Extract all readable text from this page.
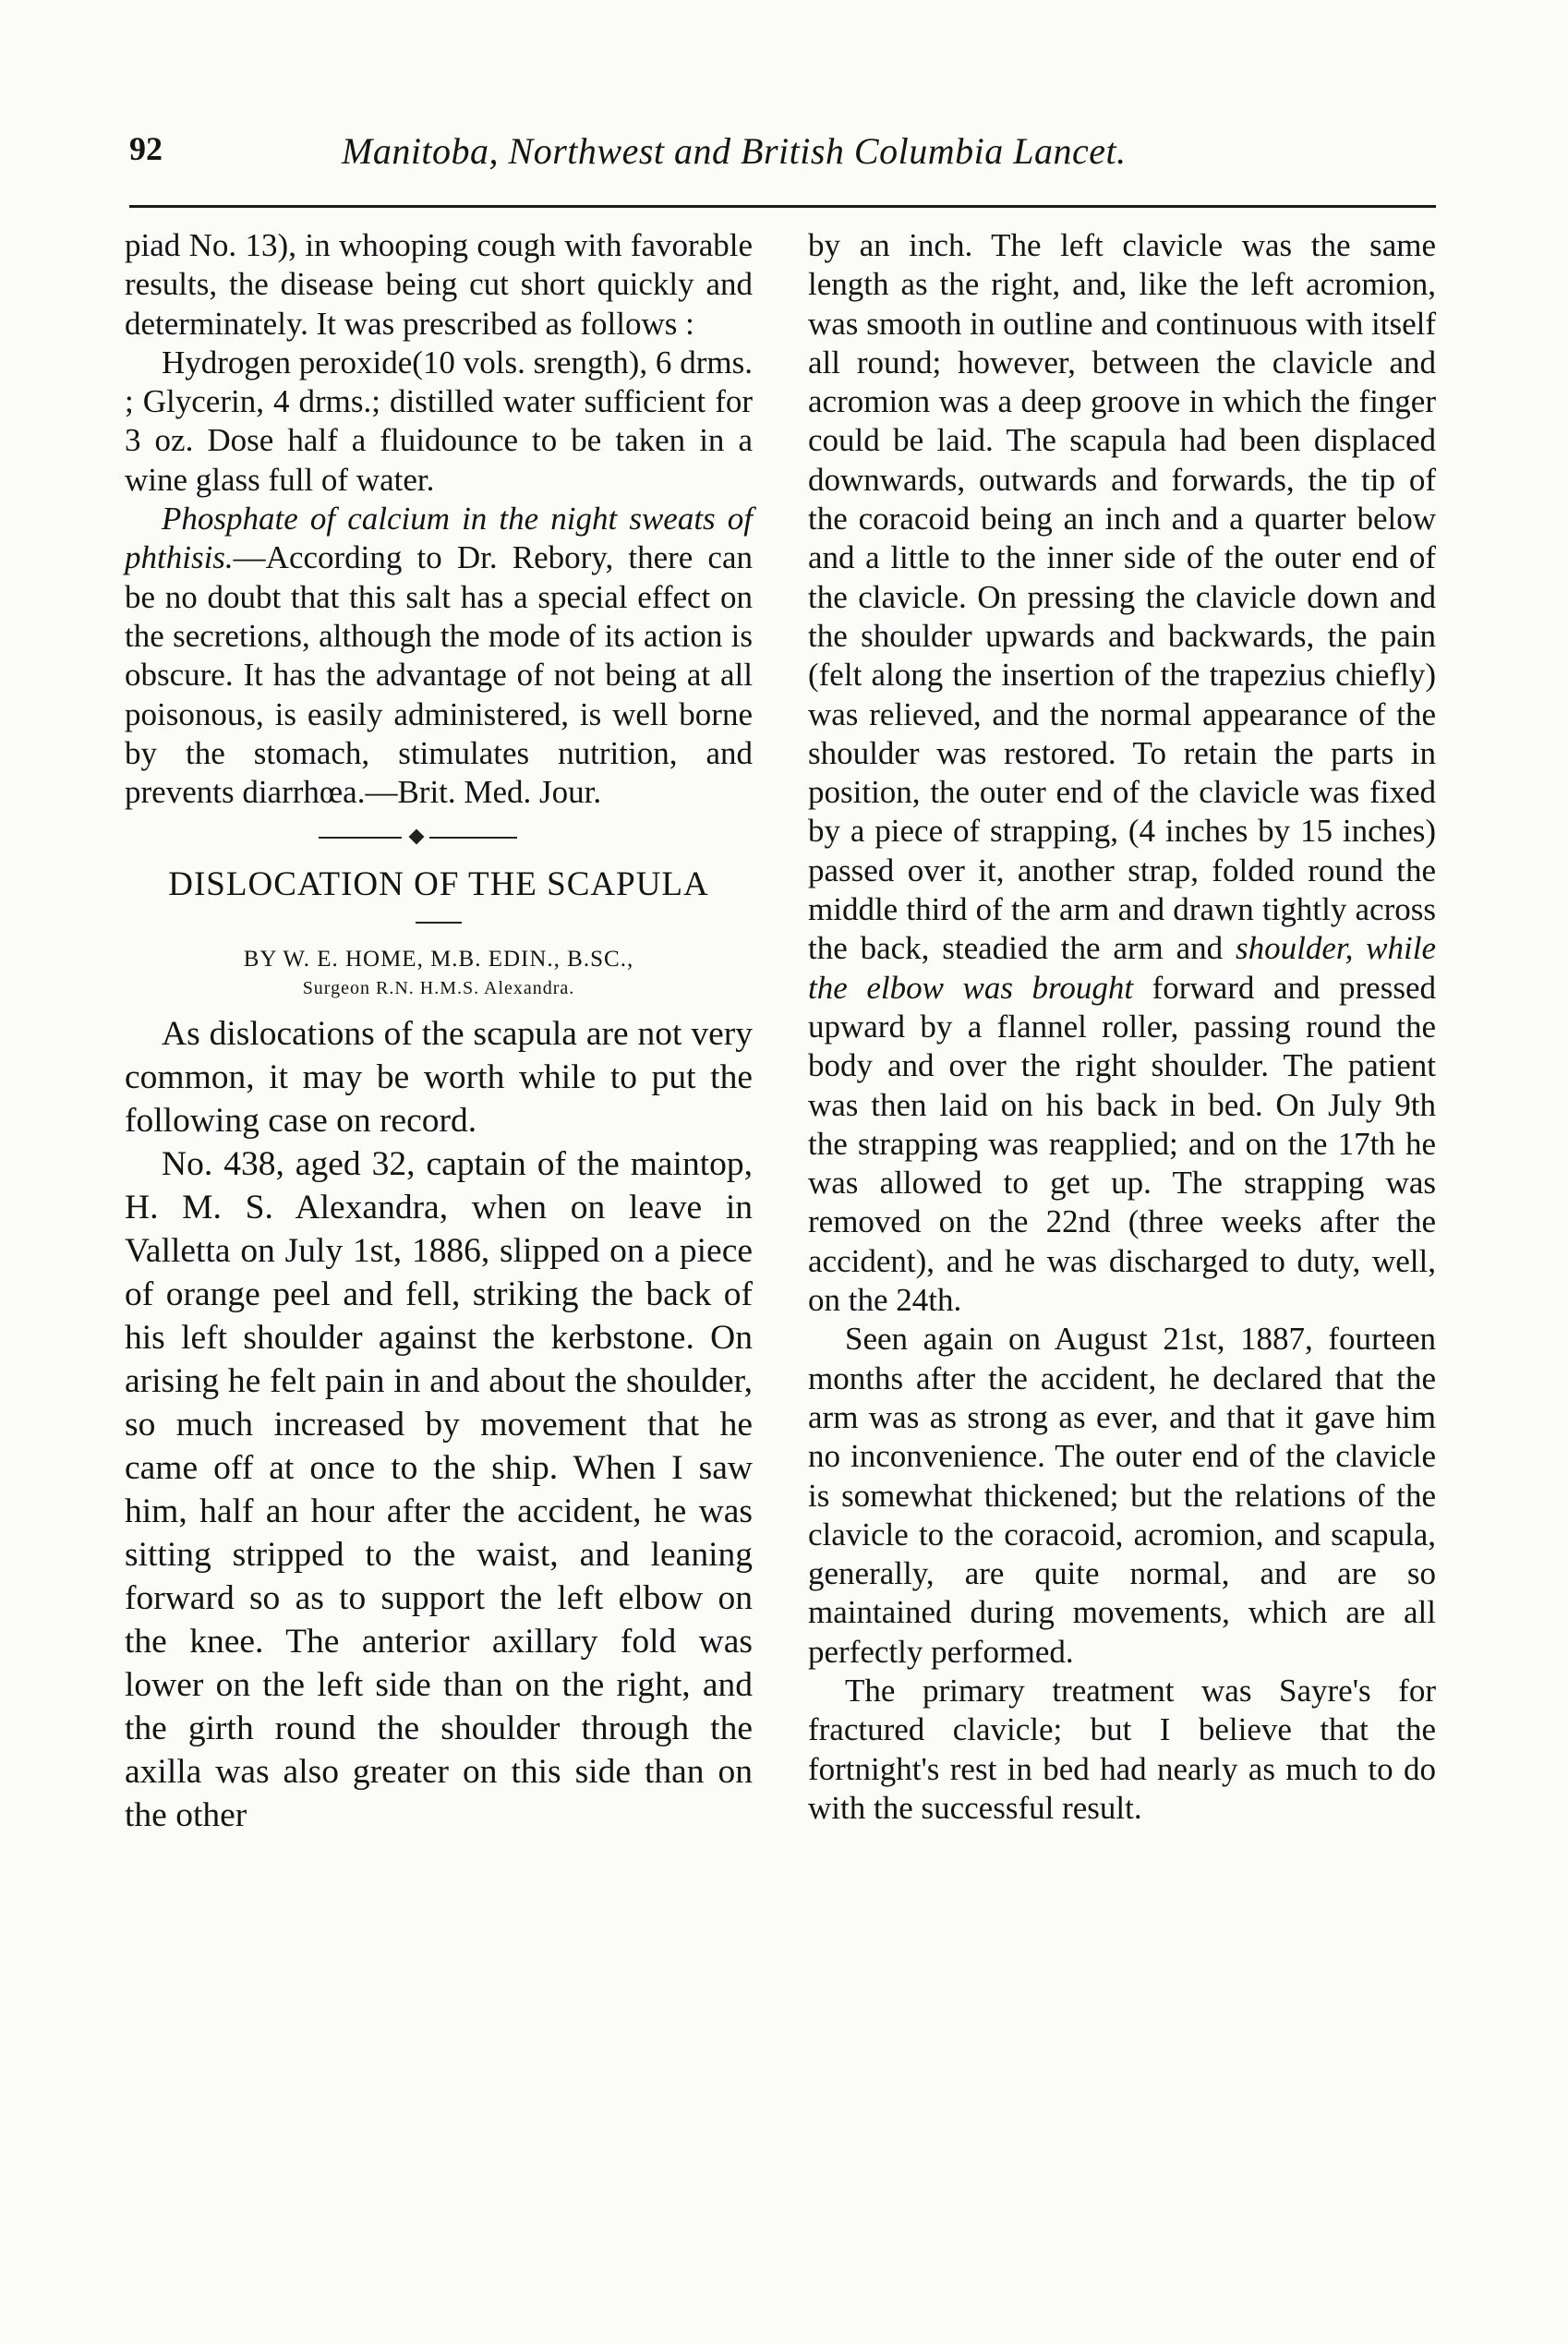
92	Manitoba, Northwest and British Columbia Lancet.

piad No. 13), in whooping cough with favorable results, the disease being cut short quickly and determinately. It was prescribed as follows :

Hydrogen peroxide(10 vols. srength), 6 drms. ; Glycerin, 4 drms.; distilled water sufficient for 3 oz. Dose half a fluidounce to be taken in a wine glass full of water.

Phosphate of calcium in the night sweats of phthisis.—According to Dr. Rebory, there can be no doubt that this salt has a special effect on the secretions, although the mode of its action is obscure. It has the advantage of not being at all poisonous, is easily administered, is well borne by the stomach, stimulates nutrition, and prevents diarrhœa.—Brit. Med. Jour.

DISLOCATION OF THE SCAPULA
BY W. E. HOME, M.B. EDIN., B.SC.,
Surgeon R.N. H.M.S. Alexandra.

As dislocations of the scapula are not very common, it may be worth while to put the following case on record.

No. 438, aged 32, captain of the maintop, H. M. S. Alexandra, when on leave in Valletta on July 1st, 1886, slipped on a piece of orange peel and fell, striking the back of his left shoulder against the kerbstone. On arising he felt pain in and about the shoulder, so much increased by movement that he came off at once to the ship. When I saw him, half an hour after the accident, he was sitting stripped to the waist, and leaning forward so as to support the left elbow on the knee. The anterior axillary fold was lower on the left side than on the right, and the girth round the shoulder through the axilla was also greater on this side than on the other

by an inch. The left clavicle was the same length as the right, and, like the left acromion, was smooth in outline and continuous with itself all round; however, between the clavicle and acromion was a deep groove in which the finger could be laid. The scapula had been displaced downwards, outwards and forwards, the tip of the coracoid being an inch and a quarter below and a little to the inner side of the outer end of the clavicle. On pressing the clavicle down and the shoulder upwards and backwards, the pain (felt along the insertion of the trapezius chiefly) was relieved, and the normal appearance of the shoulder was restored. To retain the parts in position, the outer end of the clavicle was fixed by a piece of strapping, (4 inches by 15 inches) passed over it, another strap, folded round the middle third of the arm and drawn tightly across the back, steadied the arm and shoulder, while the elbow was brought forward and pressed upward by a flannel roller, passing round the body and over the right shoulder. The patient was then laid on his back in bed. On July 9th the strapping was reapplied; and on the 17th he was allowed to get up. The strapping was removed on the 22nd (three weeks after the accident), and he was discharged to duty, well, on the 24th.

Seen again on August 21st, 1887, fourteen months after the accident, he declared that the arm was as strong as ever, and that it gave him no inconvenience. The outer end of the clavicle is somewhat thickened; but the relations of the clavicle to the coracoid, acromion, and scapula, generally, are quite normal, and are so maintained during movements, which are all perfectly performed.

The primary treatment was Sayre's for fractured clavicle; but I believe that the fortnight's rest in bed had nearly as much to do with the successful result.
